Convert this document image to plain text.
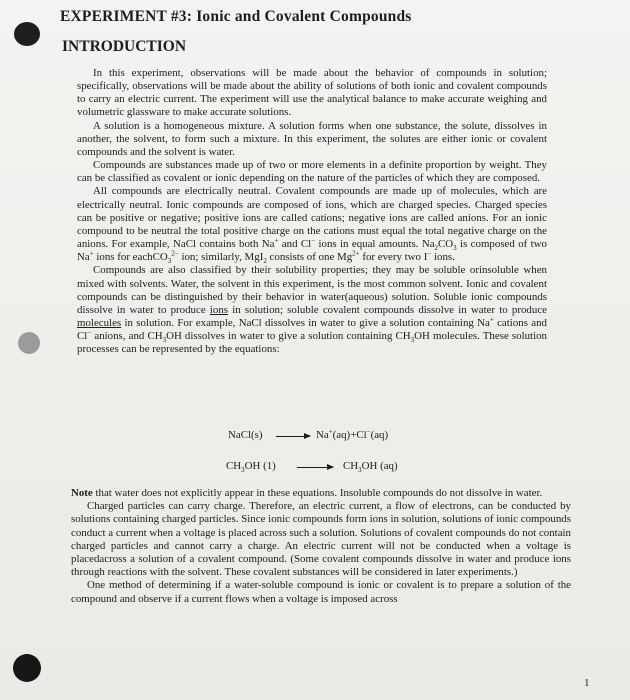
EXPERIMENT #3: Ionic and Covalent Compounds
INTRODUCTION

In this experiment, observations will be made about the behavior of compounds in solution; specifically, observations will be made about the ability of solutions of both ionic and covalent compounds to carry an electric current. The experiment will use the analytical balance to make accurate weighing and volumetric glassware to make accurate solutions.

A solution is a homogeneous mixture. A solution forms when one substance, the solute, dissolves in another, the solvent, to form such a mixture. In this experiment, the solutes are either ionic or covalent compounds and the solvent is water.

Compounds are substances made up of two or more elements in a definite proportion by weight. They can be classified as covalent or ionic depending on the nature of the particles of which they are composed.

All compounds are electrically neutral. Covalent compounds are made up of molecules, which are electrically neutral. Ionic compounds are composed of ions, which are charged species. Charged species can be positive or negative; positive ions are called cations; negative ions are called anions. For an ionic compound to be neutral the total positive charge on the cations must equal the total negative charge on the anions. For example, NaCl contains both Na+ and Cl− ions in equal amounts. $Na_2CO_3$ is composed of two Na+ ions for eachCO$_3^{2-}$ ion; similarly, MgI$_2$ consists of one $Mg^{2+}$ for every two I− ions.

Compounds are also classified by their solubility properties; they may be soluble orinsoluble when mixed with solvents. Water, the solvent in this experiment, is the most common solvent. Ionic and covalent compounds can be distinguished by their behavior in water(aqueous) solution. Soluble ionic compounds dissolve in water to produce ions in solution; soluble covalent compounds dissolve in water to produce molecules in solution. For example, NaCl dissolves in water to give a solution containing Na+ cations and Cl− anions, and $CH_3OH$ dissolves in water to give a solution containing $CH_3OH$ molecules. These solution processes can be represented by the equations:

NaCl(s)	Na+(aq)+Cl−(aq)
$CH_3OH$ (1)	$CH_3OH$ (aq)

Note that water does not explicitly appear in these equations. Insoluble compounds do not dissolve in water.

Charged particles can carry charge. Therefore, an electric current, a flow of electrons, can be conducted by solutions containing charged particles. Since ionic compounds form ions in solution, solutions of ionic compounds conduct a current when a voltage is placed across such a solution. Solutions of covalent compounds do not contain charged particles and cannot carry a charge. An electric current will not be conducted when a voltage is placedacross a solution of a covalent compound. (Some covalent compounds dissolve in water and produce ions through reactions with the solvent. These covalent substances will be considered in later experiments.)

One method of determining if a water-soluble compound is ionic or covalent is to prepare a solution of the compound and observe if a current flows when a voltage is imposed across

1
